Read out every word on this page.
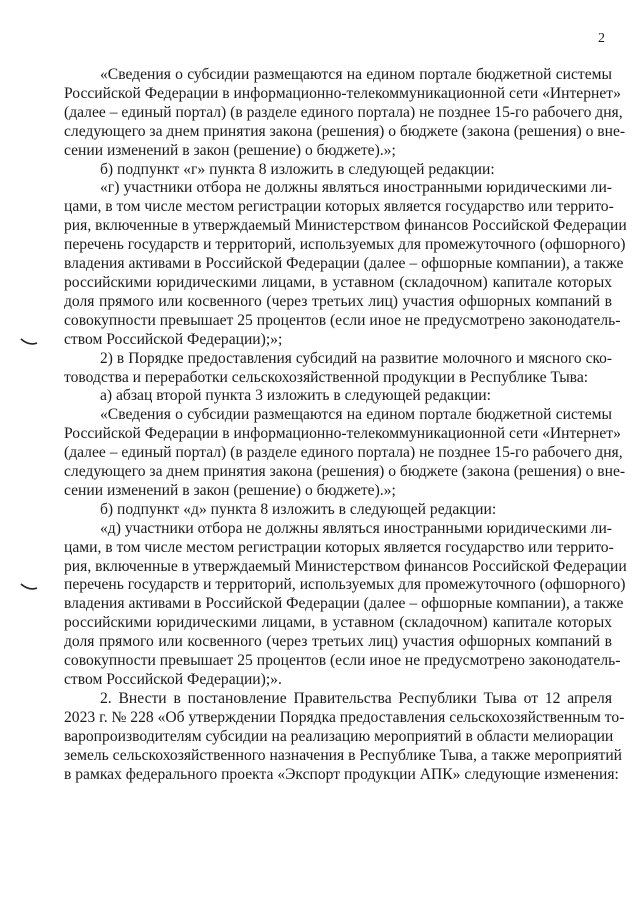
2
«Сведения о субсидии размещаются на едином портале бюджетной системы
Российской Федерации в информационно-телекоммуникационной сети «Интернет»
(далее – единый портал) (в разделе единого портала) не позднее 15-го рабочего дня,
следующего за днем принятия закона (решения) о бюджете (закона (решения) о вне-
сении изменений в закон (решение) о бюджете).»;
б) подпункт «г» пункта 8 изложить в следующей редакции:
«г) участники отбора не должны являться иностранными юридическими ли-
цами, в том числе местом регистрации которых является государство или террито-
рия, включенные в утверждаемый Министерством финансов Российской Федерации
перечень государств и территорий, используемых для промежуточного (офшорного)
владения активами в Российской Федерации (далее – офшорные компании), а также
российскими юридическими лицами, в уставном (складочном) капитале которых
доля прямого или косвенного (через третьих лиц) участия офшорных компаний в
совокупности превышает 25 процентов (если иное не предусмотрено законодатель-
ством Российской Федерации);»;
2) в Порядке предоставления субсидий на развитие молочного и мясного ско-
товодства и переработки сельскохозяйственной продукции в Республике Тыва:
а) абзац второй пункта 3 изложить в следующей редакции:
«Сведения о субсидии размещаются на едином портале бюджетной системы
Российской Федерации в информационно-телекоммуникационной сети «Интернет»
(далее – единый портал) (в разделе единого портала) не позднее 15-го рабочего дня,
следующего за днем принятия закона (решения) о бюджете (закона (решения) о вне-
сении изменений в закон (решение) о бюджете).»;
б) подпункт «д» пункта 8 изложить в следующей редакции:
«д) участники отбора не должны являться иностранными юридическими ли-
цами, в том числе местом регистрации которых является государство или террито-
рия, включенные в утверждаемый Министерством финансов Российской Федерации
перечень государств и территорий, используемых для промежуточного (офшорного)
владения активами в Российской Федерации (далее – офшорные компании), а также
российскими юридическими лицами, в уставном (складочном) капитале которых
доля прямого или косвенного (через третьих лиц) участия офшорных компаний в
совокупности превышает 25 процентов (если иное не предусмотрено законодатель-
ством Российской Федерации);».
2. Внести в постановление Правительства Республики Тыва от 12 апреля
2023 г. № 228 «Об утверждении Порядка предоставления сельскохозяйственным то-
варопроизводителям субсидии на реализацию мероприятий в области мелиорации
земель сельскохозяйственного назначения в Республике Тыва, а также мероприятий
в рамках федерального проекта «Экспорт продукции АПК» следующие изменения:
